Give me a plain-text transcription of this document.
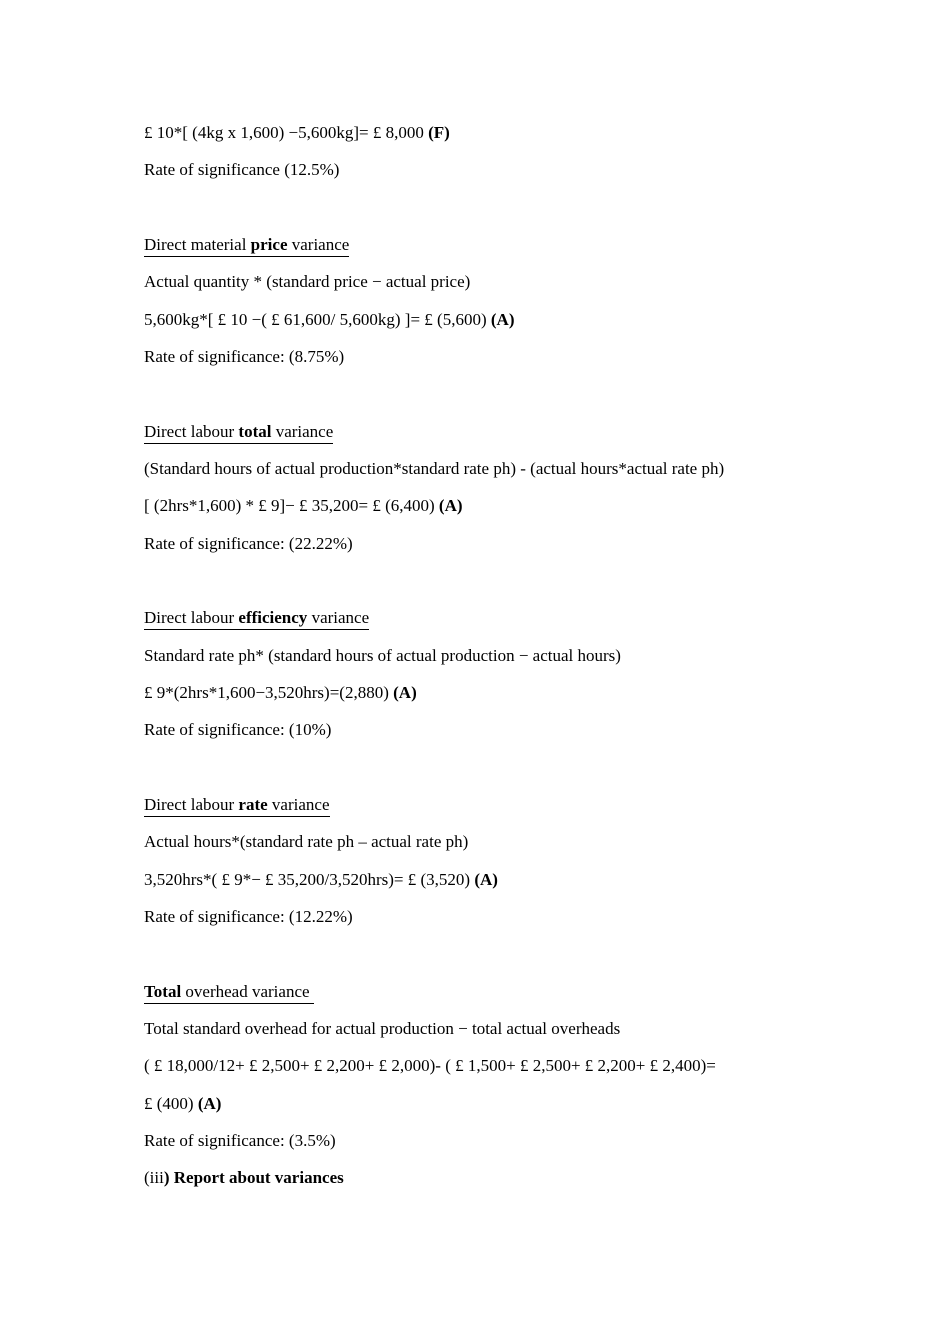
£ 10*[ (4kg x 1,600) −5,600kg]= £ 8,000 (F)
Rate of significance (12.5%)
Direct material price variance
Actual quantity * (standard price − actual price)
5,600kg*[ £ 10 −( £ 61,600/ 5,600kg) ]= £ (5,600) (A)
Rate of significance: (8.75%)
Direct labour total variance
(Standard hours of actual production*standard rate ph) - (actual hours*actual rate ph)
[ (2hrs*1,600) * £ 9]− £ 35,200= £ (6,400) (A)
Rate of significance: (22.22%)
Direct labour efficiency variance
Standard rate ph* (standard hours of actual production − actual hours)
£ 9*(2hrs*1,600−3,520hrs)=(2,880) (A)
Rate of significance: (10%)
Direct labour rate variance
Actual hours*(standard rate ph – actual rate ph)
3,520hrs*( £ 9*− £ 35,200/3,520hrs)= £ (3,520) (A)
Rate of significance: (12.22%)
Total overhead variance
Total standard overhead for actual production − total actual overheads
( £ 18,000/12+ £ 2,500+ £ 2,200+ £ 2,000)- ( £ 1,500+ £ 2,500+ £ 2,200+ £ 2,400)=
£ (400) (A)
Rate of significance: (3.5%)
(iii) Report about variances
